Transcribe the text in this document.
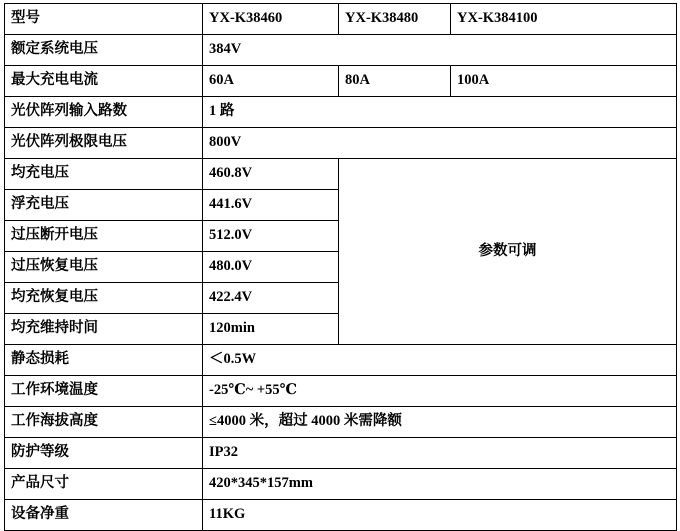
型号	YX-K38460	YX-K38480	YX-K384100
额定系统电压	384V		
最大充电电流	60A	80A	100A
光伏阵列输入路数	1 路		
光伏阵列极限电压	800V		
均充电压	460.8V	参数可调	
浮充电压	441.6V		
过压断开电压	512.0V		
过压恢复电压	480.0V		
均充恢复电压	422.4V		
均充维持时间	120min		
静态损耗	＜0.5W		
工作环境温度	-25℃~ +55℃		
工作海拔高度	≤4000 米，超过 4000 米需降额		
防护等级	IP32		
产品尺寸	420*345*157mm		
设备净重	11KG		
